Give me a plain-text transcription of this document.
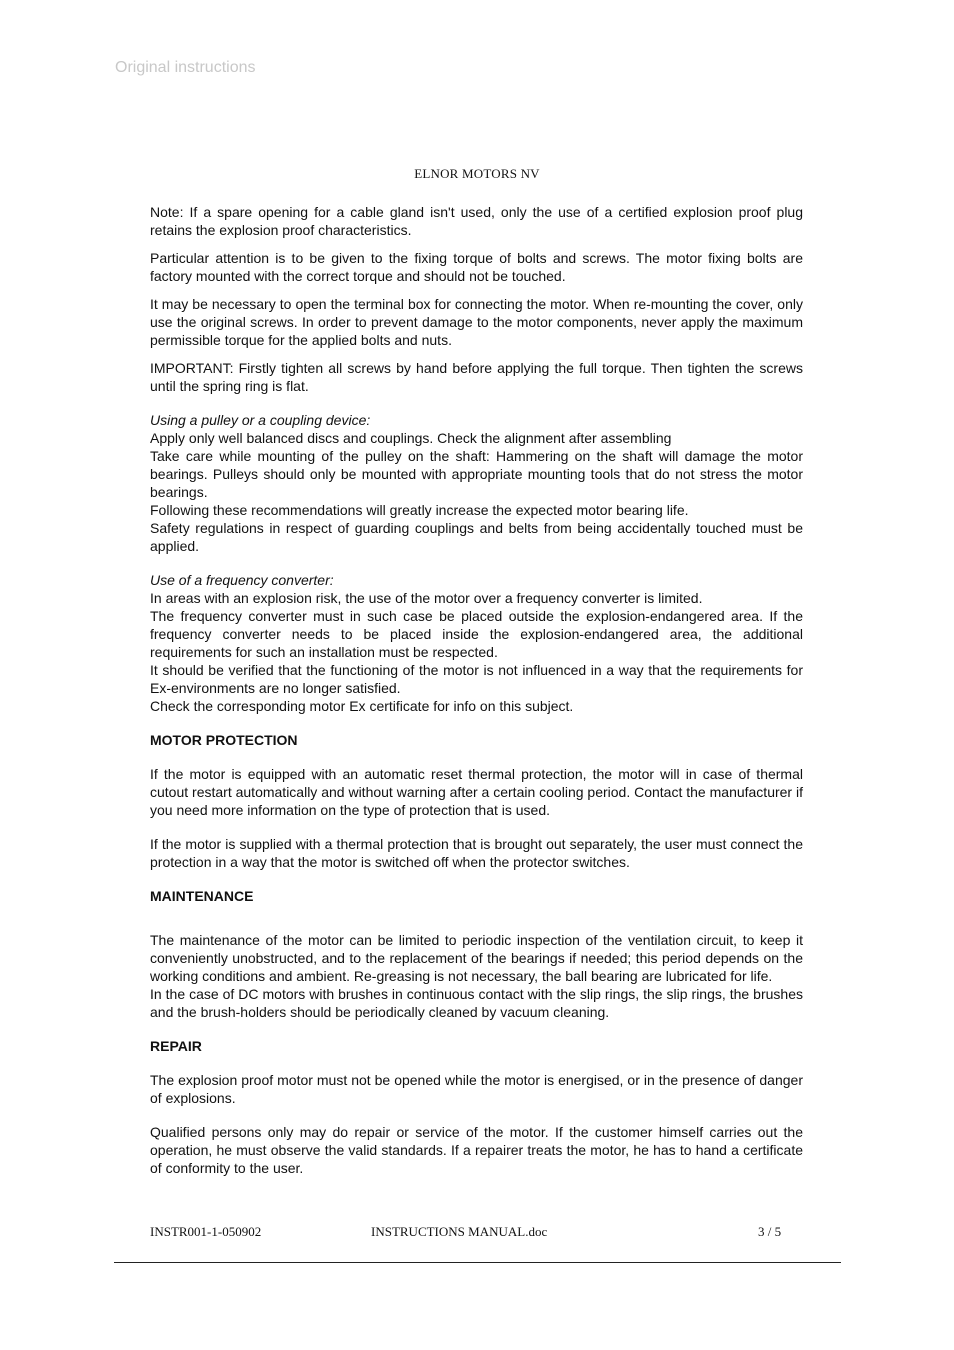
Original instructions
ELNOR MOTORS NV

Note: If a spare opening for a cable gland isn't used, only the use of a certified explosion proof plug retains the explosion proof characteristics.

Particular attention is to be given to the fixing torque of bolts and screws. The motor fixing bolts are factory mounted with the correct torque and should not be touched.

It may be necessary to open the terminal box for connecting the motor. When re-mounting the cover, only use the original screws. In order to prevent damage to the motor components, never apply the maximum permissible torque for the applied bolts and nuts.

IMPORTANT: Firstly tighten all screws by hand before applying the full torque. Then tighten the screws until the spring ring is flat.

Using a pulley or a coupling device:

Apply only well balanced discs and couplings. Check the alignment after assembling

Take care while mounting of the pulley on the shaft: Hammering on the shaft will damage the motor bearings. Pulleys should only be mounted with appropriate mounting tools that do not stress the motor bearings.

Following these recommendations will greatly increase the expected motor bearing life.

Safety regulations in respect of guarding couplings and belts from being accidentally touched must be applied.

Use of a frequency converter:

In areas with an explosion risk, the use of the motor over a frequency converter is limited.

The frequency converter must in such case be placed outside the explosion-endangered area. If the frequency converter needs to be placed inside the explosion-endangered area, the additional requirements for such an installation must be respected.

It should be verified that the functioning of the motor is not influenced in a way that the requirements for Ex-environments are no longer satisfied.

Check the corresponding motor Ex certificate for info on this subject.

MOTOR PROTECTION

If the motor is equipped with an automatic reset thermal protection, the motor will in case of thermal cutout restart automatically and without warning after a certain cooling period. Contact the manufacturer if you need more information on the type of protection that is used.

If the motor is supplied with a thermal protection that is brought out separately, the user must connect the protection in a way that the motor is switched off when the protector switches.

MAINTENANCE

The maintenance of the motor can be limited to periodic inspection of the ventilation circuit, to keep it conveniently unobstructed, and to the replacement of the bearings if needed; this period depends on the working conditions and ambient. Re-greasing is not necessary, the ball bearing are lubricated for life.

In the case of DC motors with brushes in continuous contact with the slip rings, the slip rings, the brushes and the brush-holders should be periodically cleaned by vacuum cleaning.

REPAIR

The explosion proof motor must not be opened while the motor is energised, or in the presence of danger of explosions.

Qualified persons only may do repair or service of the motor. If the customer himself carries out the operation, he must observe the valid standards. If a repairer treats the motor, he has to hand a certificate of conformity to the user.

INSTR001-1-050902	INSTRUCTIONS MANUAL.doc	3 / 5
